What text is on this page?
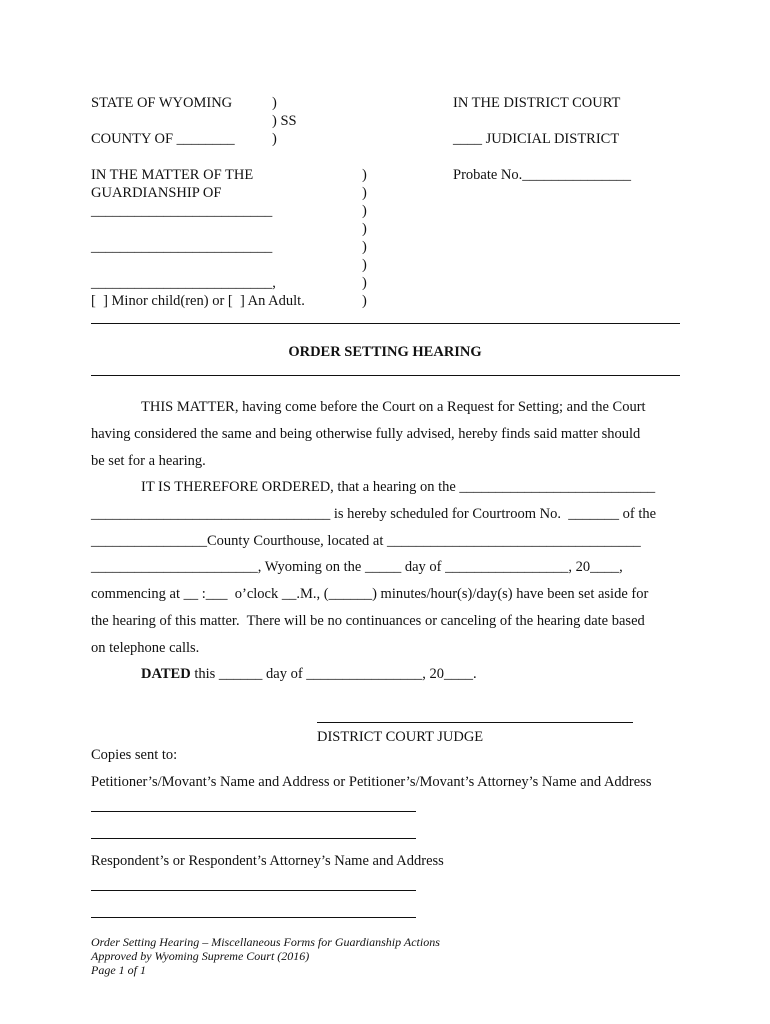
STATE OF WYOMING	)
) SS
)
COUNTY OF ________
IN THE DISTRICT COURT
____ JUDICIAL DISTRICT
IN THE MATTER OF THE
GUARDIANSHIP OF
_________________________
_________________________
_________________________,
[  ] Minor child(ren) or [  ] An Adult.
)
)
)
)
)
)
)
)
Probate No._______________
ORDER SETTING HEARING
THIS MATTER, having come before the Court on a Request for Setting; and the Court
having considered the same and being otherwise fully advised, hereby finds said matter should
be set for a hearing.
IT IS THEREFORE ORDERED, that a hearing on the ___________________________
_________________________________ is hereby scheduled for Courtroom No.  _______ of the
________________County Courthouse, located at ___________________________________
_______________________, Wyoming on the _____ day of _________________, 20____,
commencing at __ :___  o’clock __.M., (______) minutes/hour(s)/day(s) have been set aside for
the hearing of this matter.  There will be no continuances or canceling of the hearing date based
on telephone calls.
DATED this ______ day of ________________, 20____.
DISTRICT COURT JUDGE
Copies sent to:
Petitioner’s/Movant’s Name and Address or Petitioner’s/Movant’s Attorney’s Name and Address
Respondent’s or Respondent’s Attorney’s Name and Address
Order Setting Hearing – Miscellaneous Forms for Guardianship Actions
Approved by Wyoming Supreme Court (2016)
Page 1 of 1
